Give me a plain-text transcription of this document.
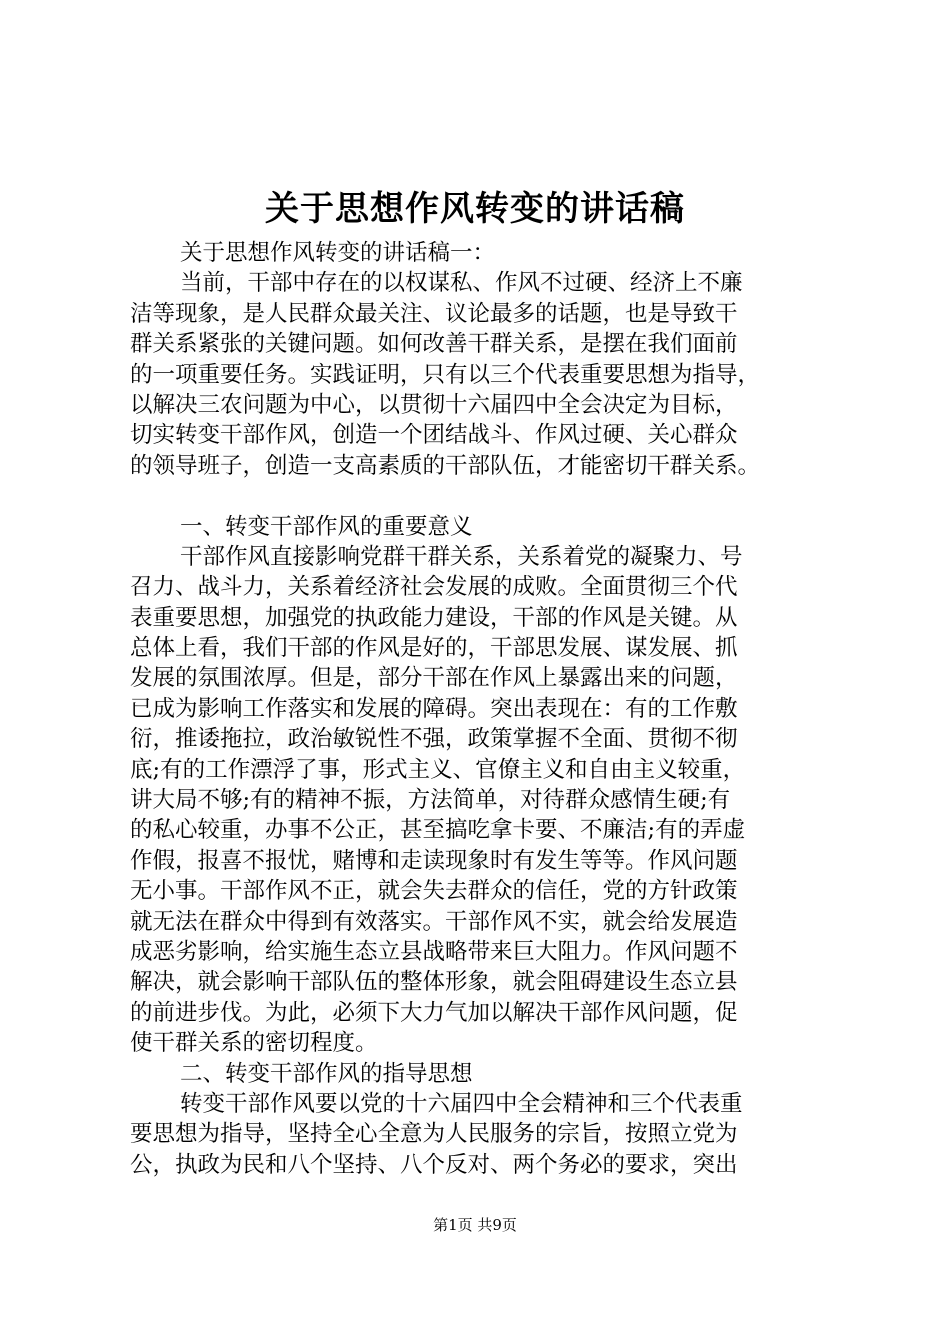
关于思想作风转变的讲话稿
关于思想作风转变的讲话稿一：
当前，干部中存在的以权谋私、作风不过硬、经济上不廉
洁等现象，是人民群众最关注、议论最多的话题，也是导致干
群关系紧张的关键问题。如何改善干群关系，是摆在我们面前
的一项重要任务。实践证明，只有以三个代表重要思想为指导，
以解决三农问题为中心，以贯彻十六届四中全会决定为目标，
切实转变干部作风，创造一个团结战斗、作风过硬、关心群众
的领导班子，创造一支高素质的干部队伍，才能密切干群关系。
一、转变干部作风的重要意义
干部作风直接影响党群干群关系，关系着党的凝聚力、号
召力、战斗力，关系着经济社会发展的成败。全面贯彻三个代
表重要思想，加强党的执政能力建设，干部的作风是关键。从
总体上看，我们干部的作风是好的，干部思发展、谋发展、抓
发展的氛围浓厚。但是，部分干部在作风上暴露出来的问题，
已成为影响工作落实和发展的障碍。突出表现在：有的工作敷
衍，推诿拖拉，政治敏锐性不强，政策掌握不全面、贯彻不彻
底;有的工作漂浮了事，形式主义、官僚主义和自由主义较重，
讲大局不够;有的精神不振，方法简单，对待群众感情生硬;有
的私心较重，办事不公正，甚至搞吃拿卡要、不廉洁;有的弄虚
作假，报喜不报忧，赌博和走读现象时有发生等等。作风问题
无小事。干部作风不正，就会失去群众的信任，党的方针政策
就无法在群众中得到有效落实。干部作风不实，就会给发展造
成恶劣影响，给实施生态立县战略带来巨大阻力。作风问题不
解决，就会影响干部队伍的整体形象，就会阻碍建设生态立县
的前进步伐。为此，必须下大力气加以解决干部作风问题，促
使干群关系的密切程度。
二、转变干部作风的指导思想
转变干部作风要以党的十六届四中全会精神和三个代表重
要思想为指导，坚持全心全意为人民服务的宗旨，按照立党为
公，执政为民和八个坚持、八个反对、两个务必的要求，突出
第1页 共9页
